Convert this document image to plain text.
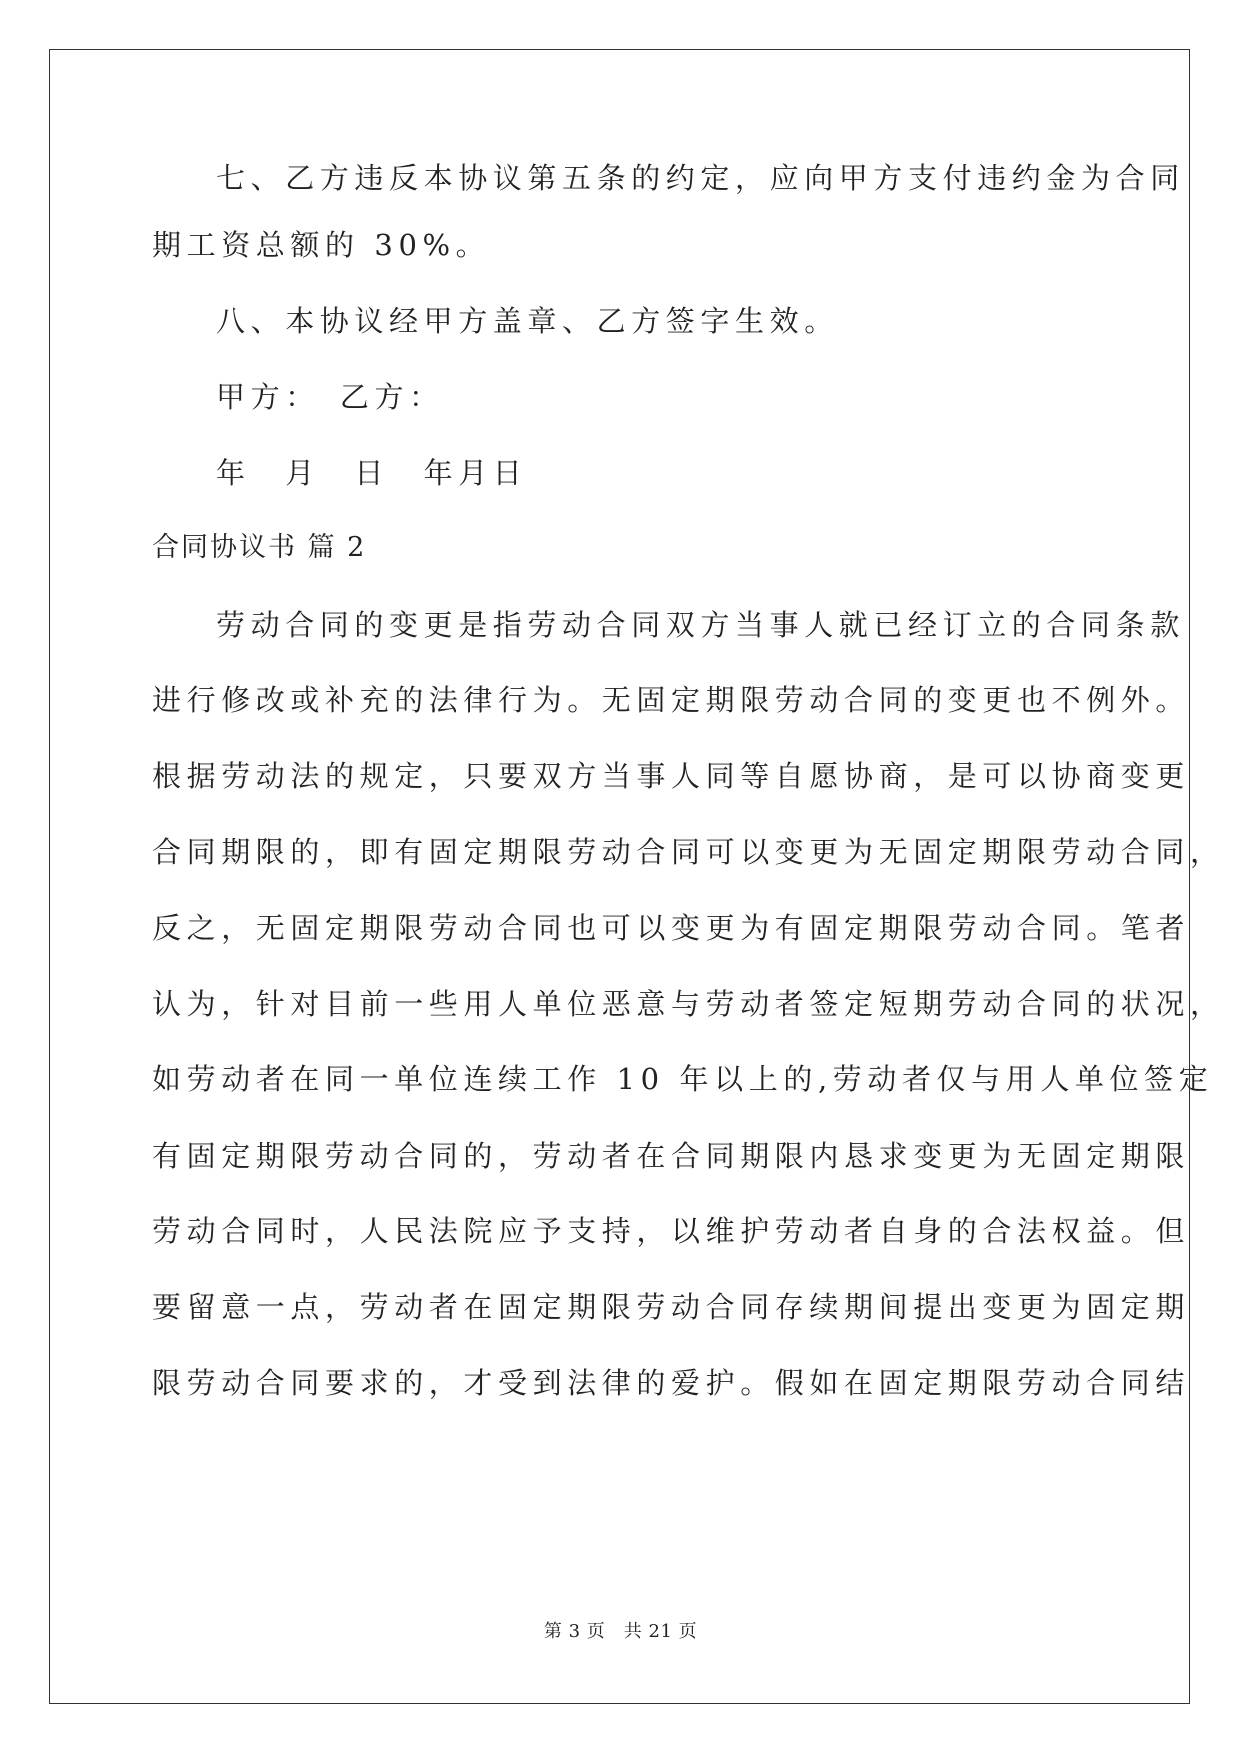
七、乙方违反本协议第五条的约定，应向甲方支付违约金为合同
期工资总额的 30%。
八、本协议经甲方盖章、乙方签字生效。
甲方：　乙方：
年　月　日　年月日
合同协议书 篇 2
劳动合同的变更是指劳动合同双方当事人就已经订立的合同条款
进行修改或补充的法律行为。无固定期限劳动合同的变更也不例外。
根据劳动法的规定，只要双方当事人同等自愿协商，是可以协商变更
合同期限的，即有固定期限劳动合同可以变更为无固定期限劳动合同，
反之，无固定期限劳动合同也可以变更为有固定期限劳动合同。笔者
认为，针对目前一些用人单位恶意与劳动者签定短期劳动合同的状况，
如劳动者在同一单位连续工作 10 年以上的,劳动者仅与用人单位签定
有固定期限劳动合同的，劳动者在合同期限内恳求变更为无固定期限
劳动合同时，人民法院应予支持，以维护劳动者自身的合法权益。但
要留意一点，劳动者在固定期限劳动合同存续期间提出变更为固定期
限劳动合同要求的，才受到法律的爱护。假如在固定期限劳动合同结
第 3 页　共 21 页
